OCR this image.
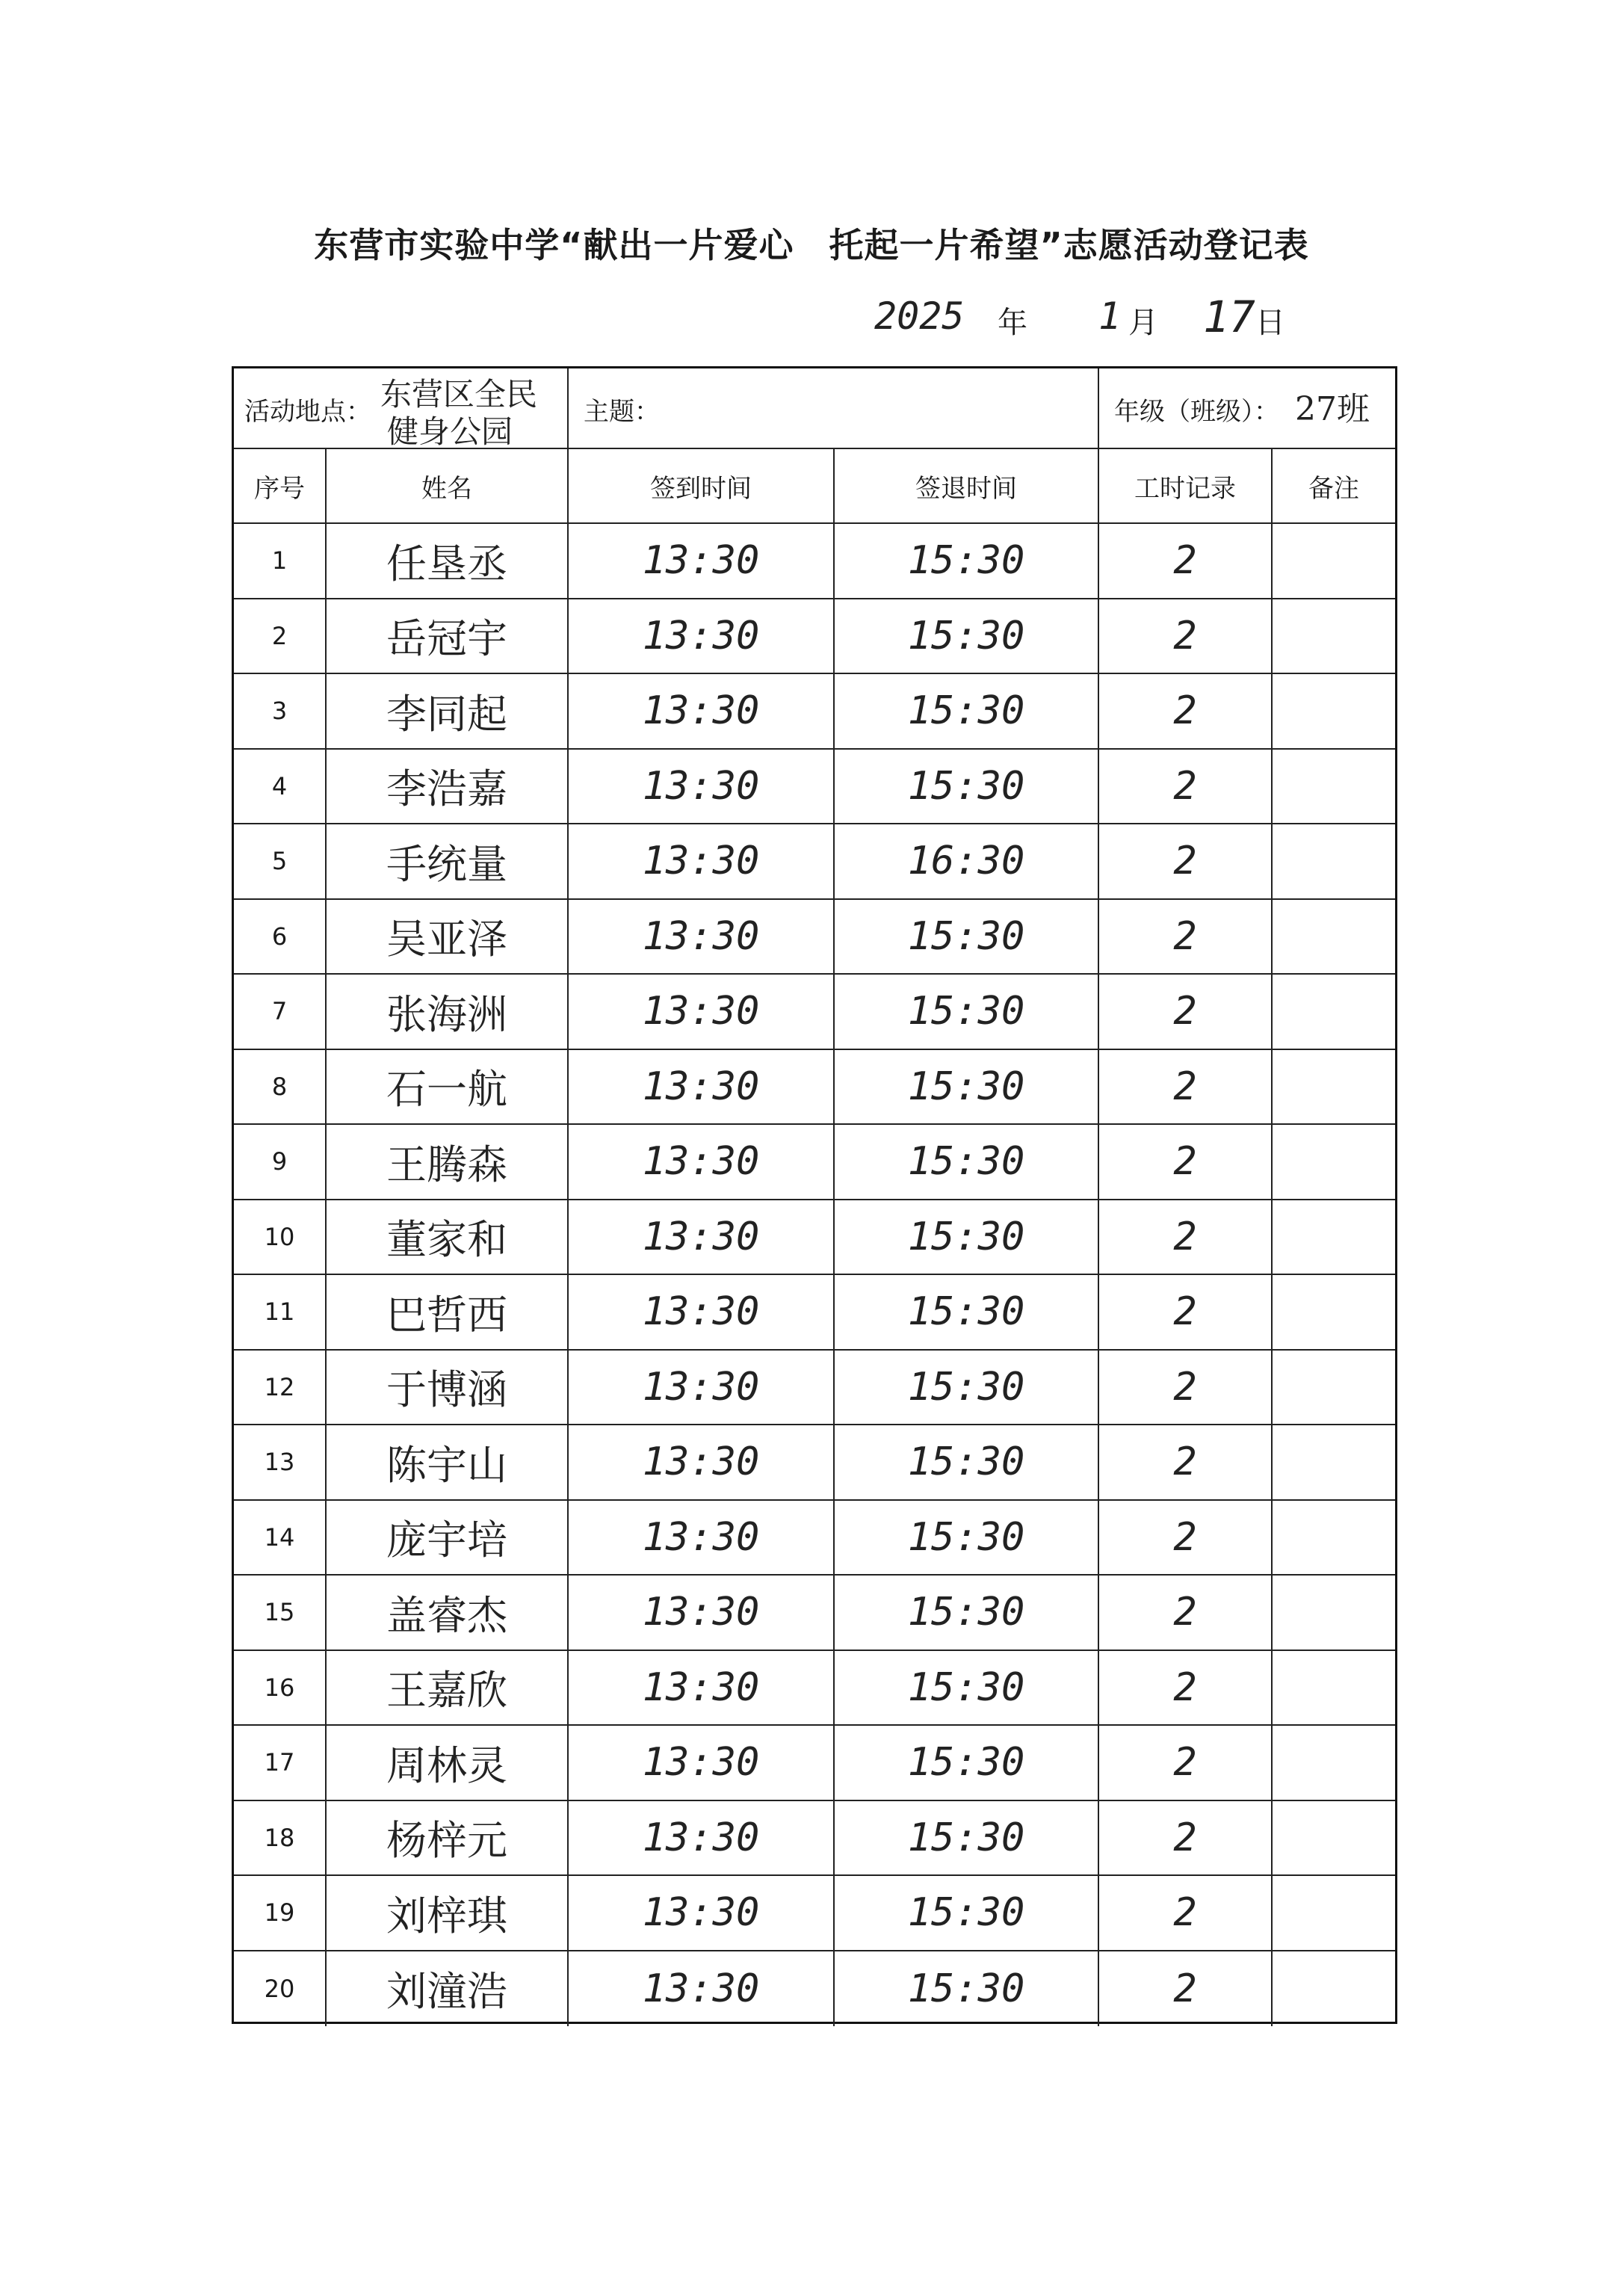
东营市实验中学“献出一片爱心　托起一片希望”志愿活动登记表
2025 年 1 月 17 日
活动地点： 东营区全民
健身公园
主题：	年级（班级）： 27班
序号	姓名	签到时间	签退时间	工时记录	备注
1	任垦丞	13:30	15:30	2
2	岳冠宇	13:30	15:30	2
3	李同起	13:30	15:30	2
4	李浩嘉	13:30	15:30	2
5	手统量	13:30	16:30	2
6	吴亚泽	13:30	15:30	2
7	张海洲	13:30	15:30	2
8	石一航	13:30	15:30	2
9	王腾森	13:30	15:30	2
10	董家和	13:30	15:30	2
11	巴哲西	13:30	15:30	2
12	于博涵	13:30	15:30	2
13	陈宇山	13:30	15:30	2
14	庞宇培	13:30	15:30	2
15	盖睿杰	13:30	15:30	2
16	王嘉欣	13:30	15:30	2
17	周林灵	13:30	15:30	2
18	杨梓元	13:30	15:30	2
19	刘梓琪	13:30	15:30	2
20	刘潼浩	13:30	15:30	2
